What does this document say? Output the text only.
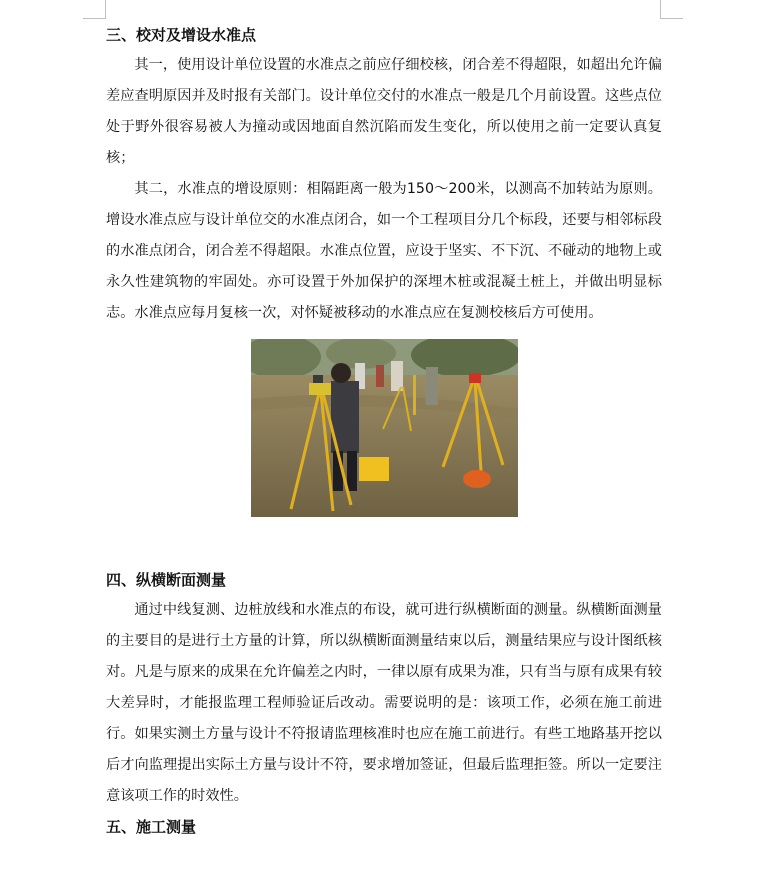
三、校对及增设水准点

其一，使用设计单位设置的水准点之前应仔细校核，闭合差不得超限，如超出允许偏差应查明原因并及时报有关部门。设计单位交付的水准点一般是几个月前设置。这些点位处于野外很容易被人为撞动或因地面自然沉陷而发生变化，所以使用之前一定要认真复核；

其二，水准点的增设原则：相隔距离一般为150～200米，以测高不加转站为原则。增设水准点应与设计单位交的水准点闭合，如一个工程项目分几个标段，还要与相邻标段的水准点闭合，闭合差不得超限。水准点位置，应设于坚实、不下沉、不碰动的地物上或永久性建筑物的牢固处。亦可设置于外加保护的深埋木桩或混凝土桩上，并做出明显标志。水准点应每月复核一次，对怀疑被移动的水准点应在复测校核后方可使用。

四、纵横断面测量

通过中线复测、边桩放线和水准点的布设，就可进行纵横断面的测量。纵横断面测量的主要目的是进行土方量的计算，所以纵横断面测量结束以后，测量结果应与设计图纸核对。凡是与原来的成果在允许偏差之内时，一律以原有成果为准，只有当与原有成果有较大差异时，才能报监理工程师验证后改动。需要说明的是：该项工作，必须在施工前进行。如果实测土方量与设计不符报请监理核准时也应在施工前进行。有些工地路基开挖以后才向监理提出实际土方量与设计不符，要求增加签证，但最后监理拒签。所以一定要注意该项工作的时效性。

五、施工测量
